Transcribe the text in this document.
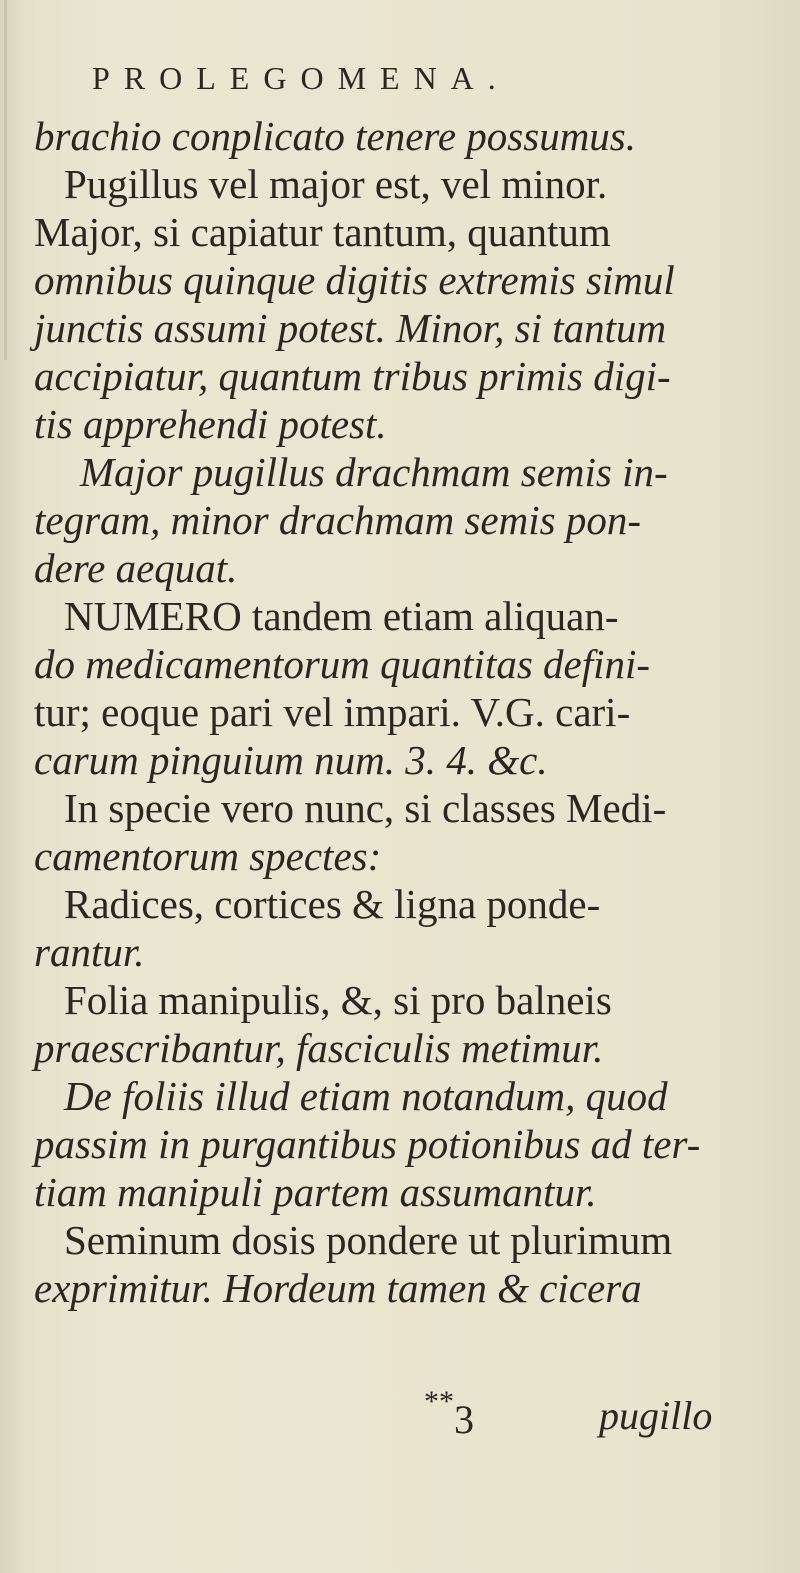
PROLEGOMENA.
brachio conplicato tenere possumus.
Pugillus vel major est, vel minor.
Major, si capiatur tantum, quantum
omnibus quinque digitis extremis simul
junctis assumi potest. Minor, si tantum
accipiatur, quantum tribus primis digi-
tis apprehendi potest.
Major pugillus drachmam semis in-
tegram, minor drachmam semis pon-
dere aequat.
NUMERO tandem etiam aliquan-
do medicamentorum quantitas defini-
tur; eoque pari vel impari. V.G. cari-
carum pinguium num. 3. 4. &c.
In specie vero nunc, si classes Medi-
camentorum spectes:
Radices, cortices & ligna ponde-
rantur.
Folia manipulis, &, si pro balneis
praescribantur, fasciculis metimur.
De foliis illud etiam notandum, quod
passim in purgantibus potionibus ad ter-
tiam manipuli partem assumantur.
Seminum dosis pondere ut plurimum
exprimitur. Hordeum tamen & cicera
** 3	pugillo
